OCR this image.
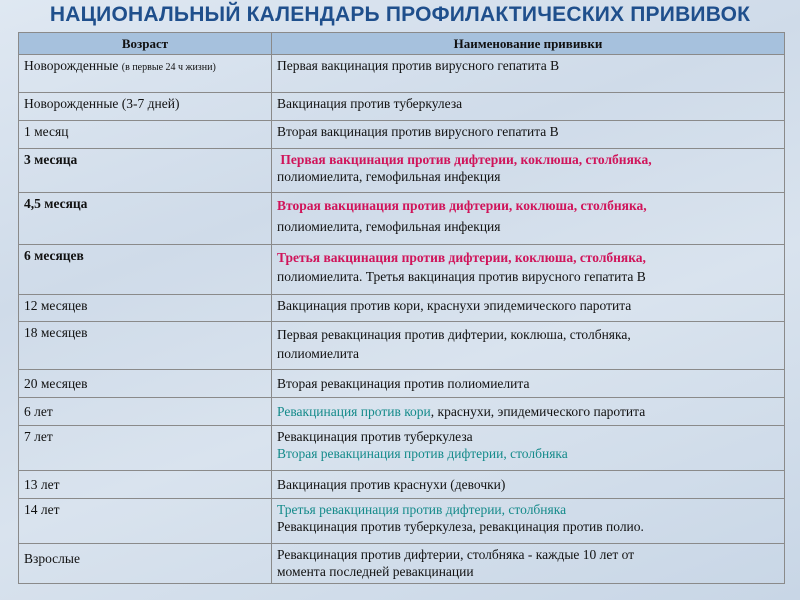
НАЦИОНАЛЬНЫЙ КАЛЕНДАРЬ ПРОФИЛАКТИЧЕСКИХ ПРИВИВОК
Возраст	Наименование прививки
Новорожденные (в первые 24 ч жизни)	Первая вакцинация против вирусного гепатита В
Новорожденные (3-7 дней)	Вакцинация против туберкулеза
1 месяц	Вторая вакцинация против вирусного гепатита В
3 месяца	Первая вакцинация против дифтерии, коклюша, столбняка,
полиомиелита, гемофильная инфекция

4,5 месяца	Вторая вакцинация против дифтерии, коклюша, столбняка,
полиомиелита, гемофильная инфекция

6 месяцев	Третья вакцинация против дифтерии, коклюша, столбняка,
полиомиелита. Третья вакцинация против вирусного гепатита В

12 месяцев	Вакцинация против кори, краснухи эпидемического паротита
18 месяцев	Первая ревакцинация против дифтерии, коклюша, столбняка,
полиомиелита

20 месяцев	Вторая ревакцинация против полиомиелита
6 лет	Ревакцинация против кори, краснухи, эпидемического паротита
7 лет	Ревакцинация против туберкулеза
Вторая ревакцинация против дифтерии, столбняка

13 лет	Вакцинация против краснухи (девочки)
14 лет	Третья ревакцинация против дифтерии, столбняка
Ревакцинация против туберкулеза, ревакцинация против полио.

Взрослые	Ревакцинация против дифтерии, столбняка - каждые 10 лет от
момента последней ревакцинации
